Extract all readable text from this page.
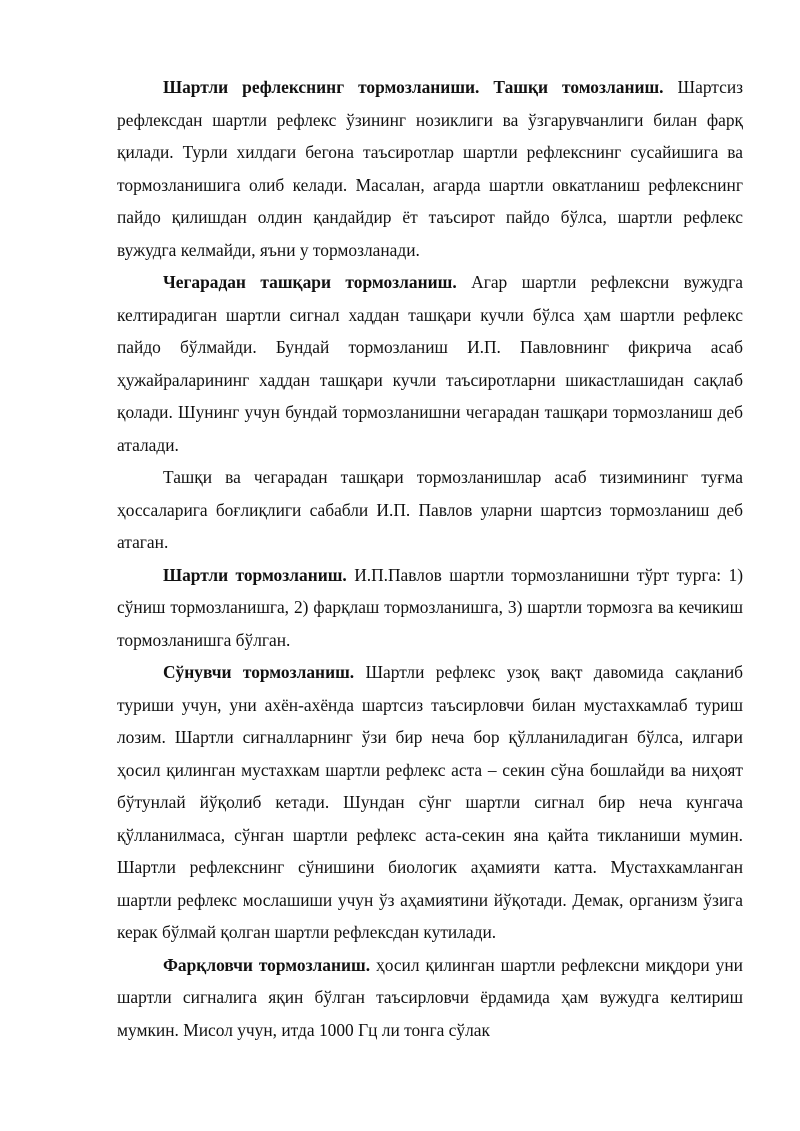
Шартли рефлекснинг тормозланиши. Ташқи томозланиш. Шартсиз рефлексдан шартли рефлекс ўзининг нозиклиги ва ўзгарувчанлиги билан фарқ қилади. Турли хилдаги бегона таъсиротлар шартли рефлекснинг сусайишига ва тормозланишига олиб келади. Масалан, агарда шартли овкатланиш рефлекснинг пайдо қилишдан олдин қандайдир ёт таъсирот пайдо бўлса, шартли рефлекс вужудга келмайди, яъни у тормозланади.

Чегарадан ташқари тормозланиш. Агар шартли рефлексни вужудга келтирадиган шартли сигнал хаддан ташқари кучли бўлса ҳам шартли рефлекс пайдо бўлмайди. Бундай тормозланиш И.П. Павловнинг фикрича асаб ҳужайраларининг хаддан ташқари кучли таъсиротларни шикастлашидан сақлаб қолади. Шунинг учун бундай тормозланишни чегарадан ташқари тормозланиш деб аталади.

Ташқи ва чегарадан ташқари тормозланишлар асаб тизимининг туғма ҳоссаларига боғлиқлиги сабабли И.П. Павлов уларни шартсиз тормозланиш деб атаган.

Шартли тормозланиш. И.П.Павлов шартли тормозланишни тўрт турга: 1) сўниш тормозланишга, 2) фарқлаш тормозланишга, 3) шартли тормозга ва кечикиш тормозланишга бўлган.

Сўнувчи тормозланиш. Шартли рефлекс узоқ вақт давомида сақланиб туриши учун, уни ахён-ахёнда шартсиз таъсирловчи билан мустахкамлаб туриш лозим. Шартли сигналларнинг ўзи бир неча бор қўлланиладиган бўлса, илгари ҳосил қилинган мустахкам шартли рефлекс аста – секин сўна бошлайди ва ниҳоят бўтунлай йўқолиб кетади. Шундан сўнг шартли сигнал бир неча кунгача қўлланилмаса, сўнган шартли рефлекс аста-секин яна қайта тикланиши мумин. Шартли рефлекснинг сўнишини биологик аҳамияти катта. Мустахкамланган шартли рефлекс мослашиши учун ўз аҳамиятини йўқотади. Демак, организм ўзига керак бўлмай қолган шартли рефлексдан кутилади.

Фарқловчи тормозланиш. ҳосил қилинган шартли рефлексни миқдори уни шартли сигналига яқин бўлган таъсирловчи ёрдамида ҳам вужудга келтириш мумкин. Мисол учун, итда 1000 Гц ли тонга сўлак
